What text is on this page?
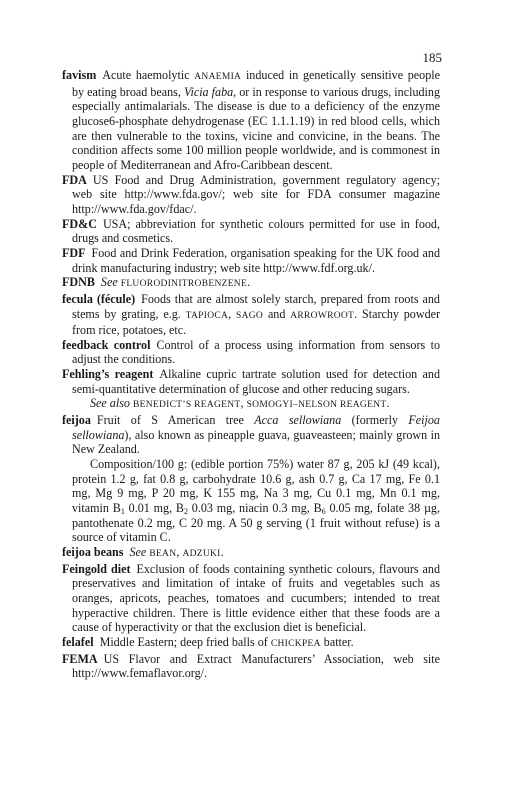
185

favism Acute haemolytic ANAEMIA induced in genetically sensitive people by eating broad beans, Vicia faba, or in response to various drugs, including especially antimalarials. The disease is due to a deficiency of the enzyme glucose6-phosphate dehydrogenase (EC 1.1.1.19) in red blood cells, which are then vulnerable to the toxins, vicine and convicine, in the beans. The condition affects some 100 million people worldwide, and is commonest in people of Mediterranean and Afro-Caribbean descent.

FDA US Food and Drug Administration, government regulatory agency; web site http://www.fda.gov/; web site for FDA consumer magazine http://www.fda.gov/fdac/.

FD&C USA; abbreviation for synthetic colours permitted for use in food, drugs and cosmetics.

FDF Food and Drink Federation, organisation speaking for the UK food and drink manufacturing industry; web site http://www.fdf.org.uk/.

FDNB See FLUORODINITROBENZENE.

fecula (fécule) Foods that are almost solely starch, prepared from roots and stems by grating, e.g. TAPIOCA, SAGO and ARROWROOT. Starchy powder from rice, potatoes, etc.

feedback control Control of a process using information from sensors to adjust the conditions.

Fehling’s reagent Alkaline cupric tartrate solution used for detection and semi-quantitative determination of glucose and other reducing sugars.

See also BENEDICT’S REAGENT, SOMOGYI–NELSON REAGENT.

feijoa Fruit of S American tree Acca sellowiana (formerly Feijoa sellowiana), also known as pineapple guava, guaveasteen; mainly grown in New Zealand.

Composition/100 g: (edible portion 75%) water 87 g, 205 kJ (49 kcal), protein 1.2 g, fat 0.8 g, carbohydrate 10.6 g, ash 0.7 g, Ca 17 mg, Fe 0.1 mg, Mg 9 mg, P 20 mg, K 155 mg, Na 3 mg, Cu 0.1 mg, Mn 0.1 mg, vitamin $B_1$ 0.01 mg, $B_2$ 0.03 mg, niacin 0.3 mg, $B_6$ 0.05 mg, folate 38 µg, pantothenate 0.2 mg, C 20 mg. A 50 g serving (1 fruit without refuse) is a source of vitamin C.

feijoa beans See BEAN, ADZUKI.

Feingold diet Exclusion of foods containing synthetic colours, flavours and preservatives and limitation of intake of fruits and vegetables such as oranges, apricots, peaches, tomatoes and cucumbers; intended to treat hyperactive children. There is little evidence either that these foods are a cause of hyperactivity or that the exclusion diet is beneficial.

felafel Middle Eastern; deep fried balls of CHICKPEA batter.

FEMA US Flavor and Extract Manufacturers’ Association, web site http://www.femaflavor.org/.
